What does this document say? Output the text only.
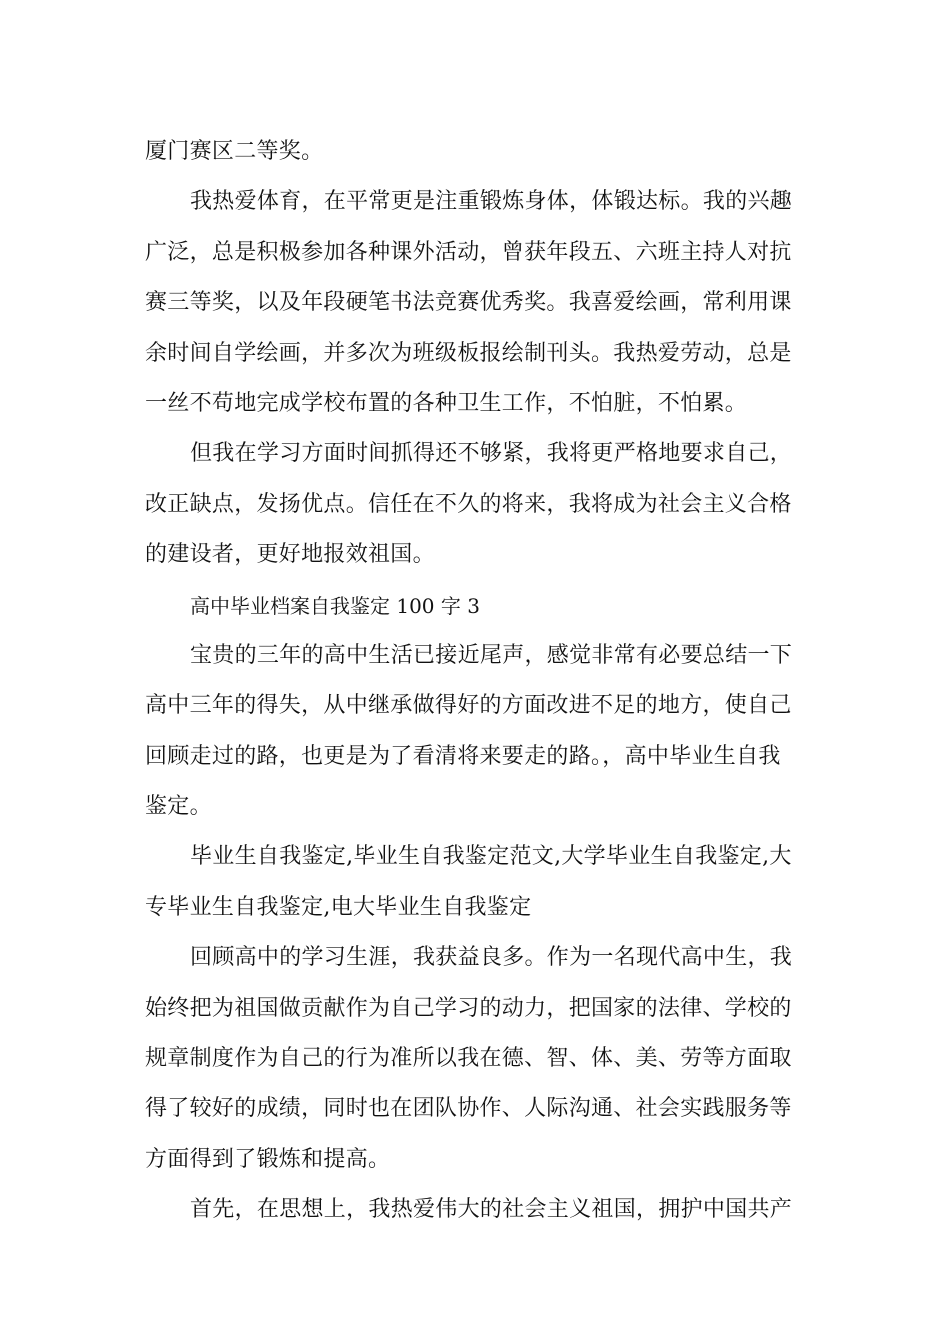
厦门赛区二等奖。
我热爱体育，在平常更是注重锻炼身体，体锻达标。我的兴趣
广泛，总是积极参加各种课外活动，曾获年段五、六班主持人对抗
赛三等奖，以及年段硬笔书法竞赛优秀奖。我喜爱绘画，常利用课
余时间自学绘画，并多次为班级板报绘制刊头。我热爱劳动，总是
一丝不苟地完成学校布置的各种卫生工作，不怕脏，不怕累。
但我在学习方面时间抓得还不够紧，我将更严格地要求自己，
改正缺点，发扬优点。信任在不久的将来，我将成为社会主义合格
的建设者，更好地报效祖国。
高中毕业档案自我鉴定 100 字 3
宝贵的三年的高中生活已接近尾声，感觉非常有必要总结一下
高中三年的得失，从中继承做得好的方面改进不足的地方，使自己
回顾走过的路，也更是为了看清将来要走的路。，高中毕业生自我
鉴定。
毕业生自我鉴定,毕业生自我鉴定范文,大学毕业生自我鉴定,大
专毕业生自我鉴定,电大毕业生自我鉴定
回顾高中的学习生涯，我获益良多。作为一名现代高中生，我
始终把为祖国做贡献作为自己学习的动力，把国家的法律、学校的
规章制度作为自己的行为准所以我在德、智、体、美、劳等方面取
得了较好的成绩，同时也在团队协作、人际沟通、社会实践服务等
方面得到了锻炼和提高。
首先，在思想上，我热爱伟大的社会主义祖国，拥护中国共产
